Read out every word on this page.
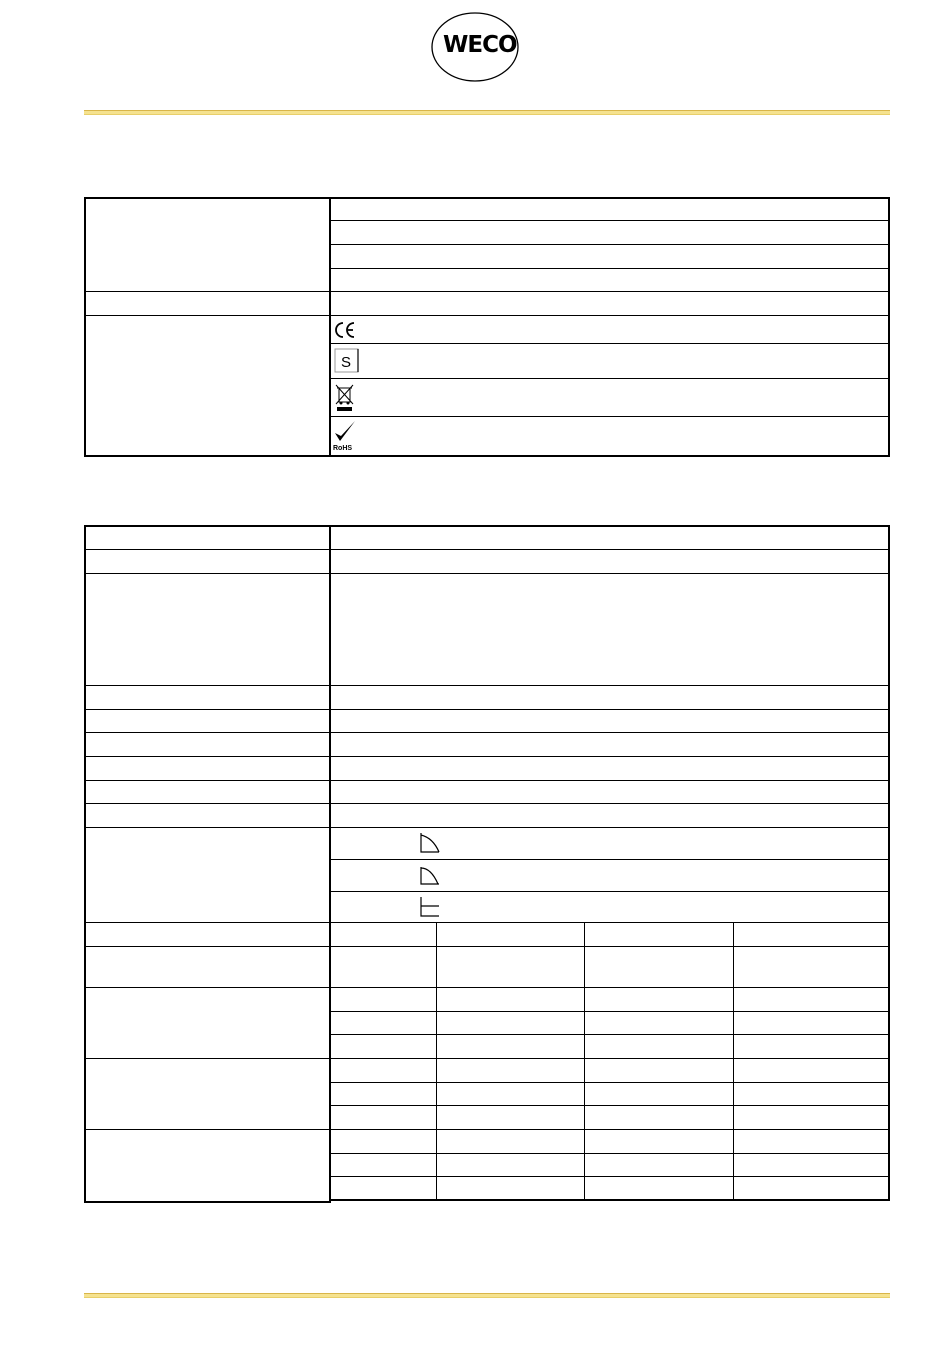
WECO
S
RoHS
